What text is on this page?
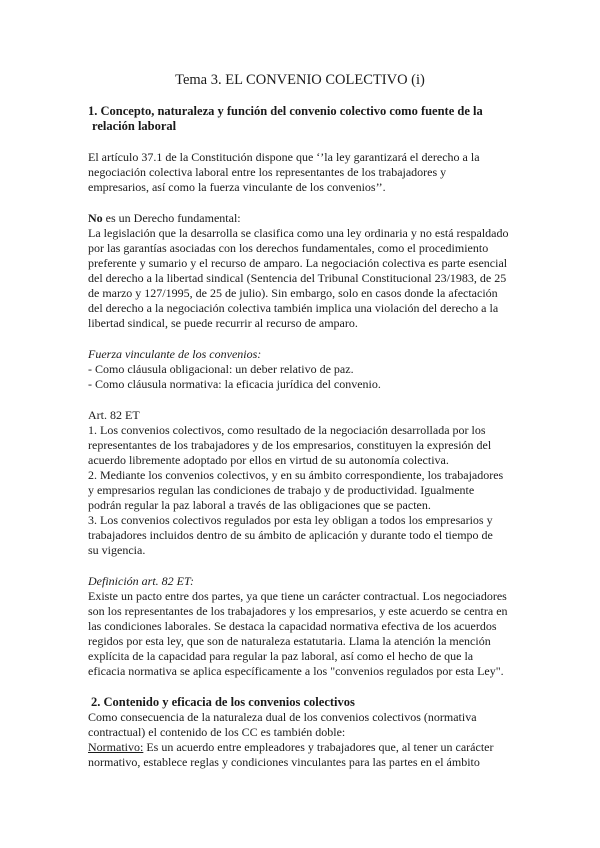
Tema 3. EL CONVENIO COLECTIVO (i)
1. Concepto, naturaleza y función del convenio colectivo como fuente de la
relación laboral
El artículo 37.1 de la Constitución dispone que ‘’la ley garantizará el derecho a la
negociación colectiva laboral entre los representantes de los trabajadores y
empresarios, así como la fuerza vinculante de los convenios’’.
No es un Derecho fundamental:
La legislación que la desarrolla se clasifica como una ley ordinaria y no está respaldado
por las garantías asociadas con los derechos fundamentales, como el procedimiento
preferente y sumario y el recurso de amparo. La negociación colectiva es parte esencial
del derecho a la libertad sindical (Sentencia del Tribunal Constitucional 23/1983, de 25
de marzo y 127/1995, de 25 de julio). Sin embargo, solo en casos donde la afectación
del derecho a la negociación colectiva también implica una violación del derecho a la
libertad sindical, se puede recurrir al recurso de amparo.
Fuerza vinculante de los convenios:
- Como cláusula obligacional: un deber relativo de paz.
- Como cláusula normativa: la eficacia jurídica del convenio.
Art. 82 ET
1. Los convenios colectivos, como resultado de la negociación desarrollada por los
representantes de los trabajadores y de los empresarios, constituyen la expresión del
acuerdo libremente adoptado por ellos en virtud de su autonomía colectiva.
2. Mediante los convenios colectivos, y en su ámbito correspondiente, los trabajadores
y empresarios regulan las condiciones de trabajo y de productividad. Igualmente
podrán regular la paz laboral a través de las obligaciones que se pacten.
3. Los convenios colectivos regulados por esta ley obligan a todos los empresarios y
trabajadores incluidos dentro de su ámbito de aplicación y durante todo el tiempo de
su vigencia.
Definición art. 82 ET:
Existe un pacto entre dos partes, ya que tiene un carácter contractual. Los negociadores
son los representantes de los trabajadores y los empresarios, y este acuerdo se centra en
las condiciones laborales. Se destaca la capacidad normativa efectiva de los acuerdos
regidos por esta ley, que son de naturaleza estatutaria. Llama la atención la mención
explícita de la capacidad para regular la paz laboral, así como el hecho de que la
eficacia normativa se aplica específicamente a los "convenios regulados por esta Ley".
2. Contenido y eficacia de los convenios colectivos
Como consecuencia de la naturaleza dual de los convenios colectivos (normativa
contractual) el contenido de los CC es también doble:
Normativo: Es un acuerdo entre empleadores y trabajadores que, al tener un carácter
normativo, establece reglas y condiciones vinculantes para las partes en el ámbito
